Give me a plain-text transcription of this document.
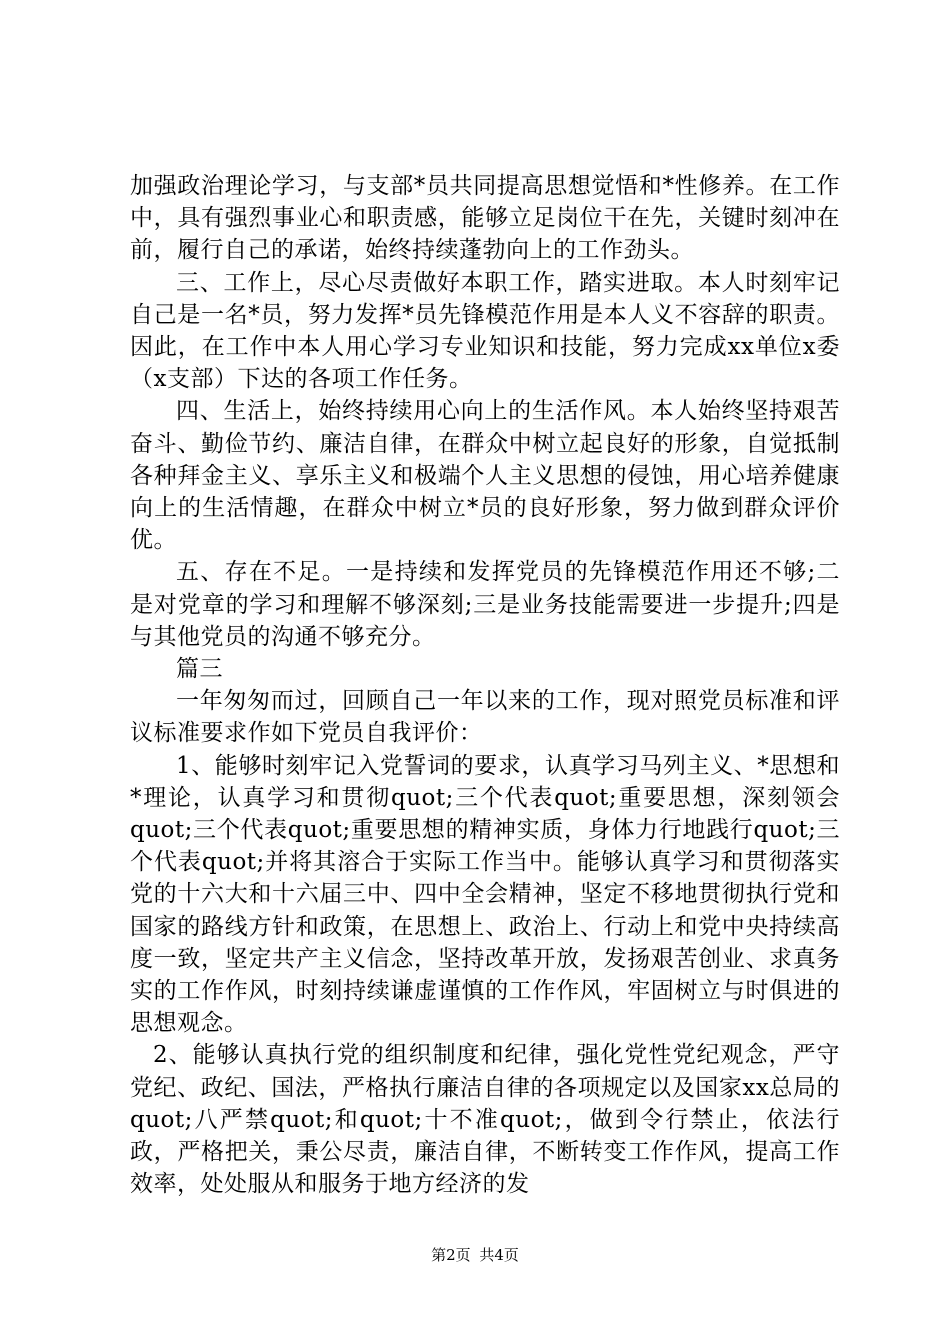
加强政治理论学习，与支部*员共同提高思想觉悟和*性修养。在工作中，具有强烈事业心和职责感，能够立足岗位干在先，关键时刻冲在前，履行自己的承诺，始终持续蓬勃向上的工作劲头。

三、工作上，尽心尽责做好本职工作，踏实进取。本人时刻牢记自己是一名*员，努力发挥*员先锋模范作用是本人义不容辞的职责。因此，在工作中本人用心学习专业知识和技能，努力完成xx单位x委（x支部）下达的各项工作任务。

四、生活上，始终持续用心向上的生活作风。本人始终坚持艰苦奋斗、勤俭节约、廉洁自律，在群众中树立起良好的形象，自觉抵制各种拜金主义、享乐主义和极端个人主义思想的侵蚀，用心培养健康向上的生活情趣，在群众中树立*员的良好形象，努力做到群众评价优。

五、存在不足。一是持续和发挥党员的先锋模范作用还不够;二是对党章的学习和理解不够深刻;三是业务技能需要进一步提升;四是与其他党员的沟通不够充分。

篇三

一年匆匆而过，回顾自己一年以来的工作，现对照党员标准和评议标准要求作如下党员自我评价：

1、能够时刻牢记入党誓词的要求，认真学习马列主义、*思想和*理论，认真学习和贯彻quot;三个代表quot;重要思想，深刻领会quot;三个代表quot;重要思想的精神实质，身体力行地践行quot;三个代表quot;并将其溶合于实际工作当中。能够认真学习和贯彻落实党的十六大和十六届三中、四中全会精神，坚定不移地贯彻执行党和国家的路线方针和政策，在思想上、政治上、行动上和党中央持续高度一致，坚定共产主义信念，坚持改革开放，发扬艰苦创业、求真务实的工作作风，时刻持续谦虚谨慎的工作作风，牢固树立与时俱进的思想观念。

2、能够认真执行党的组织制度和纪律，强化党性党纪观念，严守党纪、政纪、国法，严格执行廉洁自律的各项规定以及国家xx总局的quot;八严禁quot;和quot;十不准quot;，做到令行禁止，依法行政，严格把关，秉公尽责，廉洁自律，不断转变工作作风，提高工作效率，处处服从和服务于地方经济的发

第2页 共4页
